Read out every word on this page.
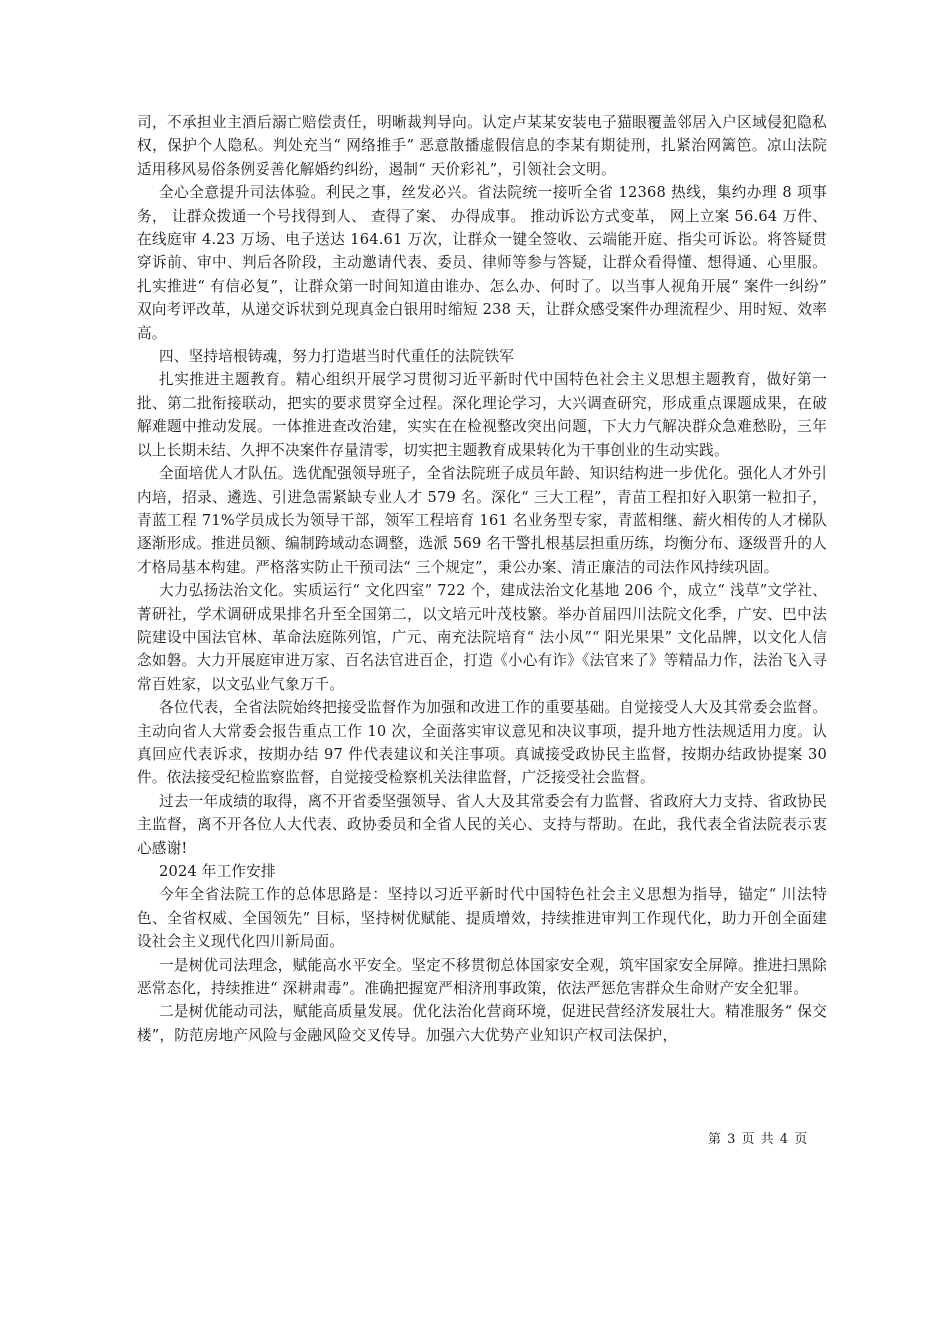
司，不承担业主酒后溺亡赔偿责任，明晰裁判导向。认定卢某某安装电子猫眼覆盖邻居入户区域侵犯隐私权，保护个人隐私。判处充当“ 网络推手” 恶意散播虚假信息的李某有期徒刑，扎紧治网篱笆。凉山法院适用移风易俗条例妥善化解婚约纠纷，遏制“ 天价彩礼”，引领社会文明。

全心全意提升司法体验。利民之事，丝发必兴。省法院统一接听全省 12368 热线，集约办理 8 项事务， 让群众拨通一个号找得到人、 查得了案、 办得成事。 推动诉讼方式变革， 网上立案 56.64 万件、在线庭审 4.23 万场、电子送达 164.61 万次，让群众一键全签收、云端能开庭、指尖可诉讼。将答疑贯穿诉前、审中、判后各阶段，主动邀请代表、委员、律师等参与答疑，让群众看得懂、想得通、心里服。扎实推进“ 有信必复”，让群众第一时间知道由谁办、怎么办、何时了。以当事人视角开展“ 案件一纠纷” 双向考评改革，从递交诉状到兑现真金白银用时缩短 238 天，让群众感受案件办理流程少、用时短、效率高。

四、坚持培根铸魂，努力打造堪当时代重任的法院铁军

扎实推进主题教育。精心组织开展学习贯彻习近平新时代中国特色社会主义思想主题教育，做好第一批、第二批衔接联动，把实的要求贯穿全过程。深化理论学习，大兴调查研究，形成重点课题成果，在破解难题中推动发展。一体推进查改治建，实实在在检视整改突出问题，下大力气解决群众急难愁盼，三年以上长期未结、久押不决案件存量清零，切实把主题教育成果转化为干事创业的生动实践。

全面培优人才队伍。选优配强领导班子，全省法院班子成员年龄、知识结构进一步优化。强化人才外引内培，招录、遴选、引进急需紧缺专业人才 579 名。深化“ 三大工程”，青苗工程扣好入职第一粒扣子，青蓝工程 71%学员成长为领导干部，领军工程培育 161 名业务型专家，青蓝相继、薪火相传的人才梯队逐渐形成。推进员额、编制跨域动态调整，选派 569 名干警扎根基层担重历练，均衡分布、逐级晋升的人才格局基本构建。严格落实防止干预司法“ 三个规定”，秉公办案、清正廉洁的司法作风持续巩固。

大力弘扬法治文化。实质运行“ 文化四室” 722 个，建成法治文化基地 206 个，成立“ 浅草”文学社、菁研社，学术调研成果排名升至全国第二，以文培元叶茂枝繁。举办首届四川法院文化季，广安、巴中法院建设中国法官林、革命法庭陈列馆，广元、南充法院培育“ 法小凤”“ 阳光果果” 文化品牌，以文化人信念如磐。大力开展庭审进万家、百名法官进百企，打造《小心有诈》《法官来了》等精品力作，法治飞入寻常百姓家，以文弘业气象万千。

各位代表，全省法院始终把接受监督作为加强和改进工作的重要基础。自觉接受人大及其常委会监督。主动向省人大常委会报告重点工作 10 次，全面落实审议意见和决议事项，提升地方性法规适用力度。认真回应代表诉求，按期办结 97 件代表建议和关注事项。真诚接受政协民主监督，按期办结政协提案 30 件。依法接受纪检监察监督，自觉接受检察机关法律监督，广泛接受社会监督。

过去一年成绩的取得，离不开省委坚强领导、省人大及其常委会有力监督、省政府大力支持、省政协民主监督，离不开各位人大代表、政协委员和全省人民的关心、支持与帮助。在此，我代表全省法院表示衷心感谢!

2024 年工作安排

今年全省法院工作的总体思路是：坚持以习近平新时代中国特色社会主义思想为指导，锚定“ 川法特色、全省权威、全国领先” 目标，坚持树优赋能、提质增效，持续推进审判工作现代化，助力开创全面建设社会主义现代化四川新局面。

一是树优司法理念，赋能高水平安全。坚定不移贯彻总体国家安全观，筑牢国家安全屏障。推进扫黑除恶常态化，持续推进“ 深耕肃毒”。准确把握宽严相济刑事政策，依法严惩危害群众生命财产安全犯罪。

二是树优能动司法，赋能高质量发展。优化法治化营商环境，促进民营经济发展壮大。精准服务“ 保交楼”，防范房地产风险与金融风险交叉传导。加强六大优势产业知识产权司法保护，

第 3 页 共 4 页
